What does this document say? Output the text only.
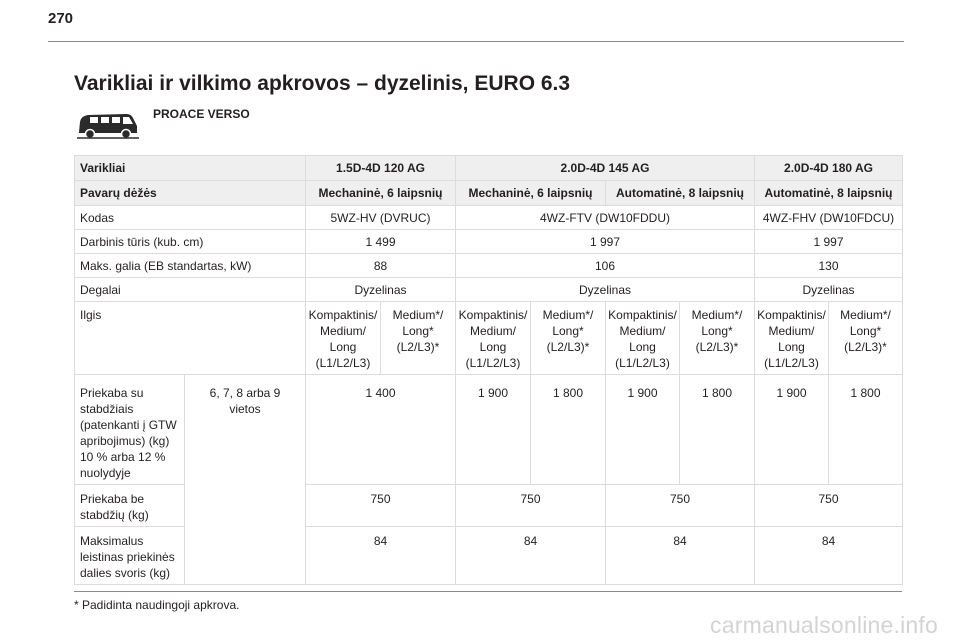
270
Varikliai ir vilkimo apkrovos – dyzelinis, EURO 6.3
PROACE VERSO
Varikliai		1.5D-4D 120 AG		2.0D-4D 145 AG				2.0D-4D 180 AG	
Pavarų dėžės		Mechaninė, 6 laipsnių		Mechaninė, 6 laipsnių		Automatinė, 8 laipsnių		Automatinė, 8 laipsnių	
Kodas		5WZ-HV (DVRUC)		4WZ-FTV (DW10FDDU)				4WZ-FHV (DW10FDCU)	
Darbinis tūris (kub. cm)		1 499		1 997				1 997	
Maks. galia (EB standartas, kW)		88		106				130	
Degalai		Dyzelinas		Dyzelinas				Dyzelinas	
Ilgis		Kompaktinis/ Medium/ Long (L1/L2/L3)	Medium*/ Long* (L2/L3)*	Kompaktinis/ Medium/ Long (L1/L2/L3)	Medium*/ Long* (L2/L3)*	Kompaktinis/ Medium/ Long (L1/L2/L3)	Medium*/ Long* (L2/L3)*	Kompaktinis/ Medium/ Long (L1/L2/L3)	Medium*/ Long* (L2/L3)*
Priekaba su stabdžiais (patenkanti į GTW apribojimus) (kg) 10 % arba 12 % nuolydyje	6, 7, 8 arba 9 vietos	1 400		1 900	1 800	1 900	1 800	1 900	1 800
Priekaba be stabdžių (kg)		750		750		750		750	
Maksimalus leistinas priekinės dalies svoris (kg)		84		84		84		84	
* Padidinta naudingoji apkrova.
carmanualsonline.info
